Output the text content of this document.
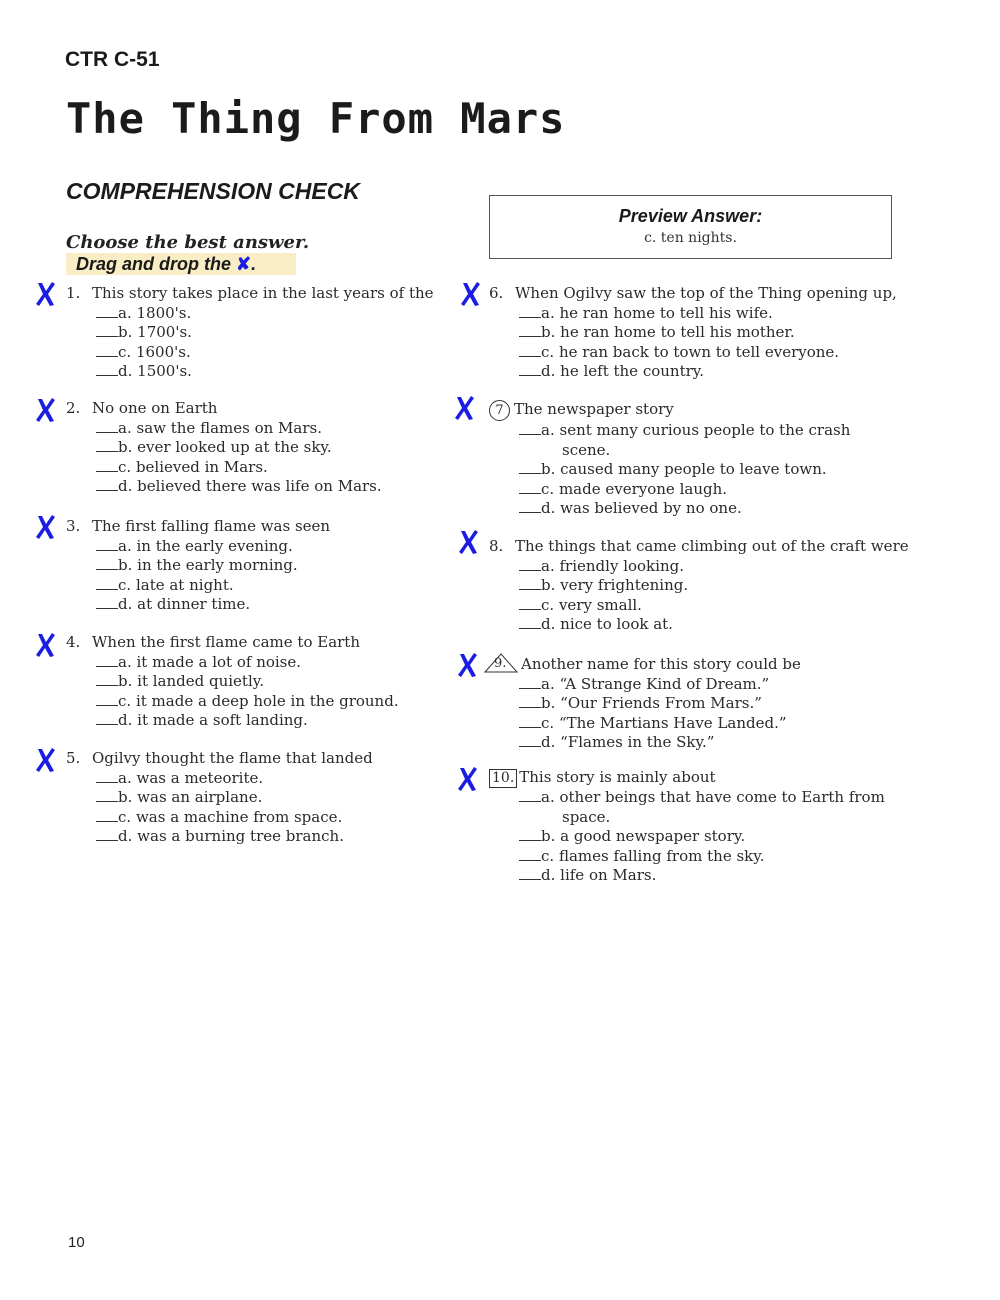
CTR C-51
The Thing From Mars
COMPREHENSION CHECK
Preview Answer:
c. ten nights.
Choose the best answer.
Drag and drop the ✘.
1. This story takes place in the last years of the
a. 1800's.
b. 1700's.
c. 1600's.
d. 1500's.
2. No one on Earth
a. saw the flames on Mars.
b. ever looked up at the sky.
c. believed in Mars.
d. believed there was life on Mars.
3. The first falling flame was seen
a. in the early evening.
b. in the early morning.
c. late at night.
d. at dinner time.
4. When the first flame came to Earth
a. it made a lot of noise.
b. it landed quietly.
c. it made a deep hole in the ground.
d. it made a soft landing.
5. Ogilvy thought the flame that landed
a. was a meteorite.
b. was an airplane.
c. was a machine from space.
d. was a burning tree branch.
6. When Ogilvy saw the top of the Thing opening up,
a. he ran home to tell his wife.
b. he ran home to tell his mother.
c. he ran back to town to tell everyone.
d. he left the country.
7 The newspaper story
a. sent many curious people to the crash
scene.
b. caused many people to leave town.
c. made everyone laugh.
d. was believed by no one.
8. The things that came climbing out of the craft were
a. friendly looking.
b. very frightening.
c. very small.
d. nice to look at.
9. Another name for this story could be
a. “A Strange Kind of Dream.”
b. “Our Friends From Mars.”
c. “The Martians Have Landed.”
d. “Flames in the Sky.”
10. This story is mainly about
a. other beings that have come to Earth from
space.
b. a good newspaper story.
c. flames falling from the sky.
d. life on Mars.
10
